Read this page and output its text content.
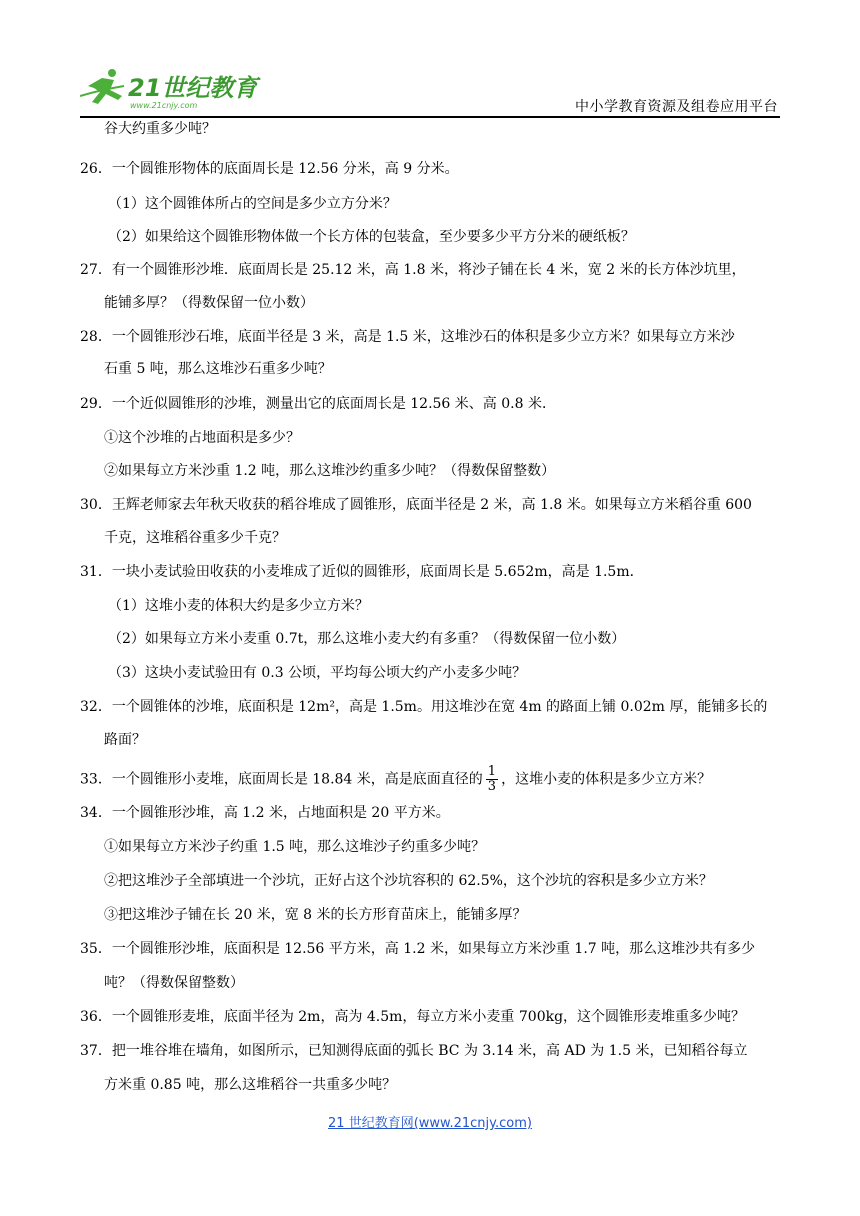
21世纪教育
www.21cnjy.com	中小学教育资源及组卷应用平台
谷大约重多少吨？
26．一个圆锥形物体的底面周长是 12.56 分米，高 9 分米。
（1）这个圆锥体所占的空间是多少立方分米？
（2）如果给这个圆锥形物体做一个长方体的包装盒，至少要多少平方分米的硬纸板？
27．有一个圆锥形沙堆．底面周长是 25.12 米，高 1.8 米，将沙子铺在长 4 米，宽 2 米的长方体沙坑里，
能铺多厚？（得数保留一位小数）
28．一个圆锥形沙石堆，底面半径是 3 米，高是 1.5 米，这堆沙石的体积是多少立方米？如果每立方米沙
石重 5 吨，那么这堆沙石重多少吨？
29．一个近似圆锥形的沙堆，测量出它的底面周长是 12.56 米、高 0.8 米．
①这个沙堆的占地面积是多少？
②如果每立方米沙重 1.2 吨，那么这堆沙约重多少吨？（得数保留整数）
30．王辉老师家去年秋天收获的稻谷堆成了圆锥形，底面半径是 2 米，高 1.8 米。如果每立方米稻谷重 600
千克，这堆稻谷重多少千克？
31．一块小麦试验田收获的小麦堆成了近似的圆锥形，底面周长是 5.652m，高是 1.5m．
（1）这堆小麦的体积大约是多少立方米？
（2）如果每立方米小麦重 0.7t，那么这堆小麦大约有多重？（得数保留一位小数）
（3）这块小麦试验田有 0.3 公顷，平均每公顷大约产小麦多少吨？
32．一个圆锥体的沙堆，底面积是 12m²，高是 1.5m。用这堆沙在宽 4m 的路面上铺 0.02m 厚，能铺多长的
路面？
33．一个圆锥形小麦堆，底面周长是 18.84 米，高是底面直径的 $\frac{1}{3}$ ，这堆小麦的体积是多少立方米？
34．一个圆锥形沙堆，高 1.2 米，占地面积是 20 平方米。
①如果每立方米沙子约重 1.5 吨，那么这堆沙子约重多少吨？
②把这堆沙子全部填进一个沙坑，正好占这个沙坑容积的 62.5%，这个沙坑的容积是多少立方米？
③把这堆沙子铺在长 20 米，宽 8 米的长方形育苗床上，能铺多厚？
35．一个圆锥形沙堆，底面积是 12.56 平方米，高 1.2 米，如果每立方米沙重 1.7 吨，那么这堆沙共有多少
吨？（得数保留整数）
36．一个圆锥形麦堆，底面半径为 2m，高为 4.5m，每立方米小麦重 700kg，这个圆锥形麦堆重多少吨？
37．把一堆谷堆在墙角，如图所示，已知测得底面的弧长 BC 为 3.14 米，高 AD 为 1.5 米，已知稻谷每立
方米重 0.85 吨，那么这堆稻谷一共重多少吨？
21 世纪教育网(www.21cnjy.com)
